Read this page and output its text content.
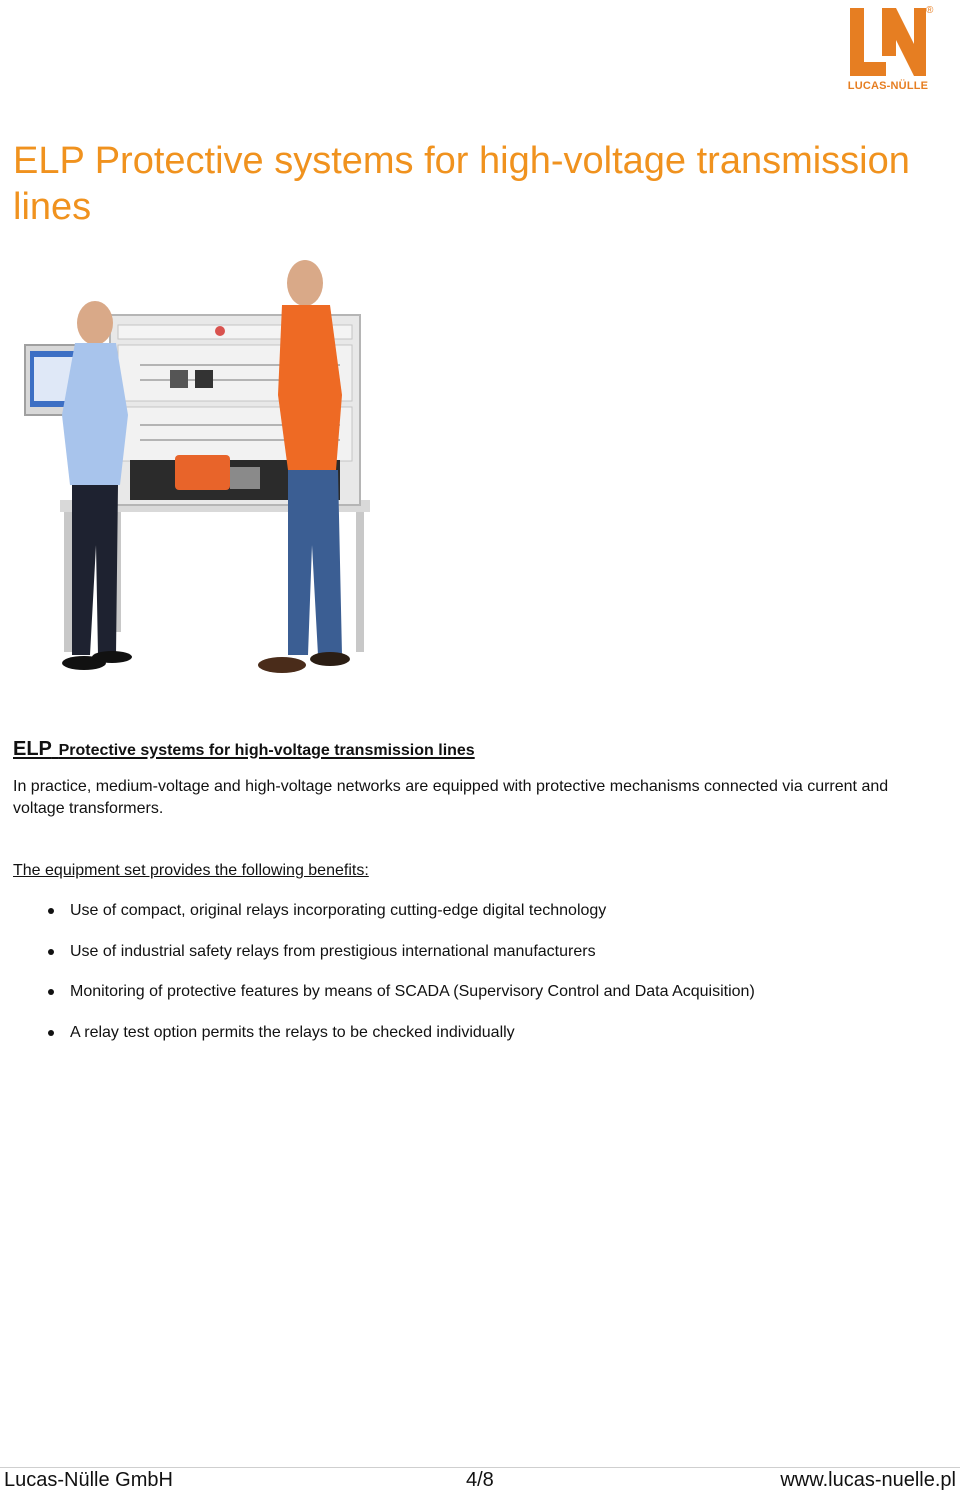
®
LUCAS-NÜLLE
ELP Protective systems for high-voltage transmission lines
ELP Protective systems for high-voltage transmission lines

In practice, medium-voltage and high-voltage networks are equipped with protective mechanisms connected via current and voltage transformers.

The equipment set provides the following benefits:

Use of compact, original relays incorporating cutting-edge digital technology
Use of industrial safety relays from prestigious international manufacturers
Monitoring of protective features by means of SCADA (Supervisory Control and Data Acquisition)
A relay test option permits the relays to be checked individually
Lucas-Nülle GmbH	4/8	www.lucas-nuelle.pl
